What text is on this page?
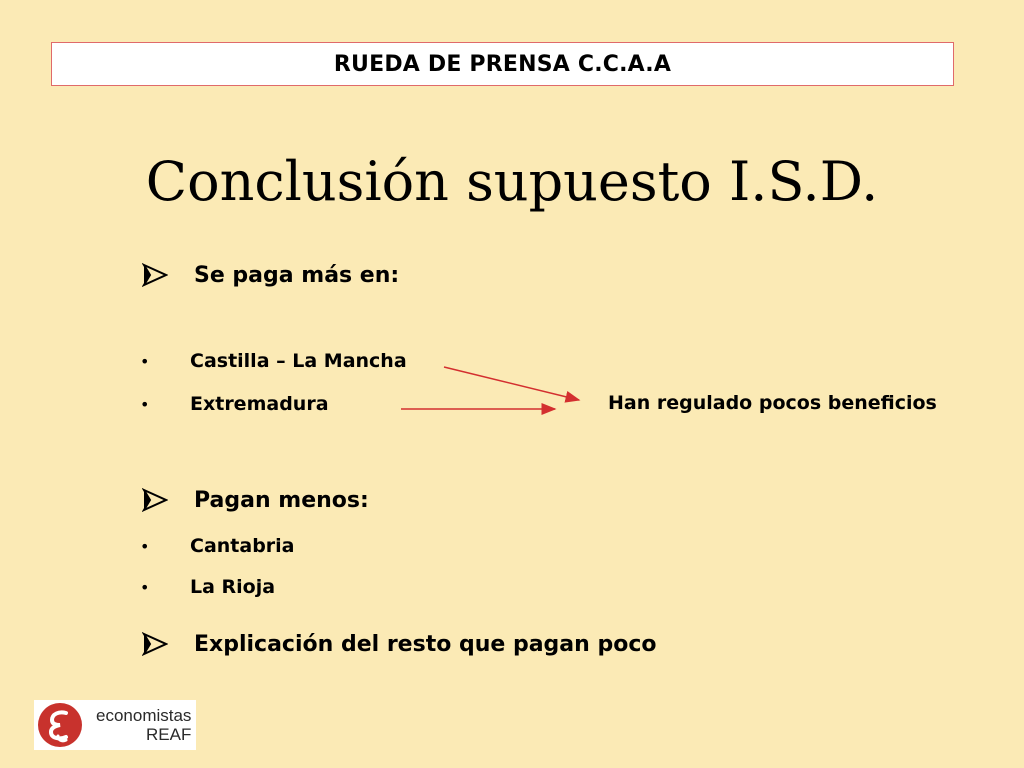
RUEDA DE PRENSA C.C.A.A
Conclusión supuesto I.S.D.
Se paga más en:
•	Castilla – La Mancha
•	Extremadura	Han regulado pocos beneficios
Pagan menos:
•	Cantabria
•	La Rioja
Explicación del resto que pagan poco
economistas
REAF
